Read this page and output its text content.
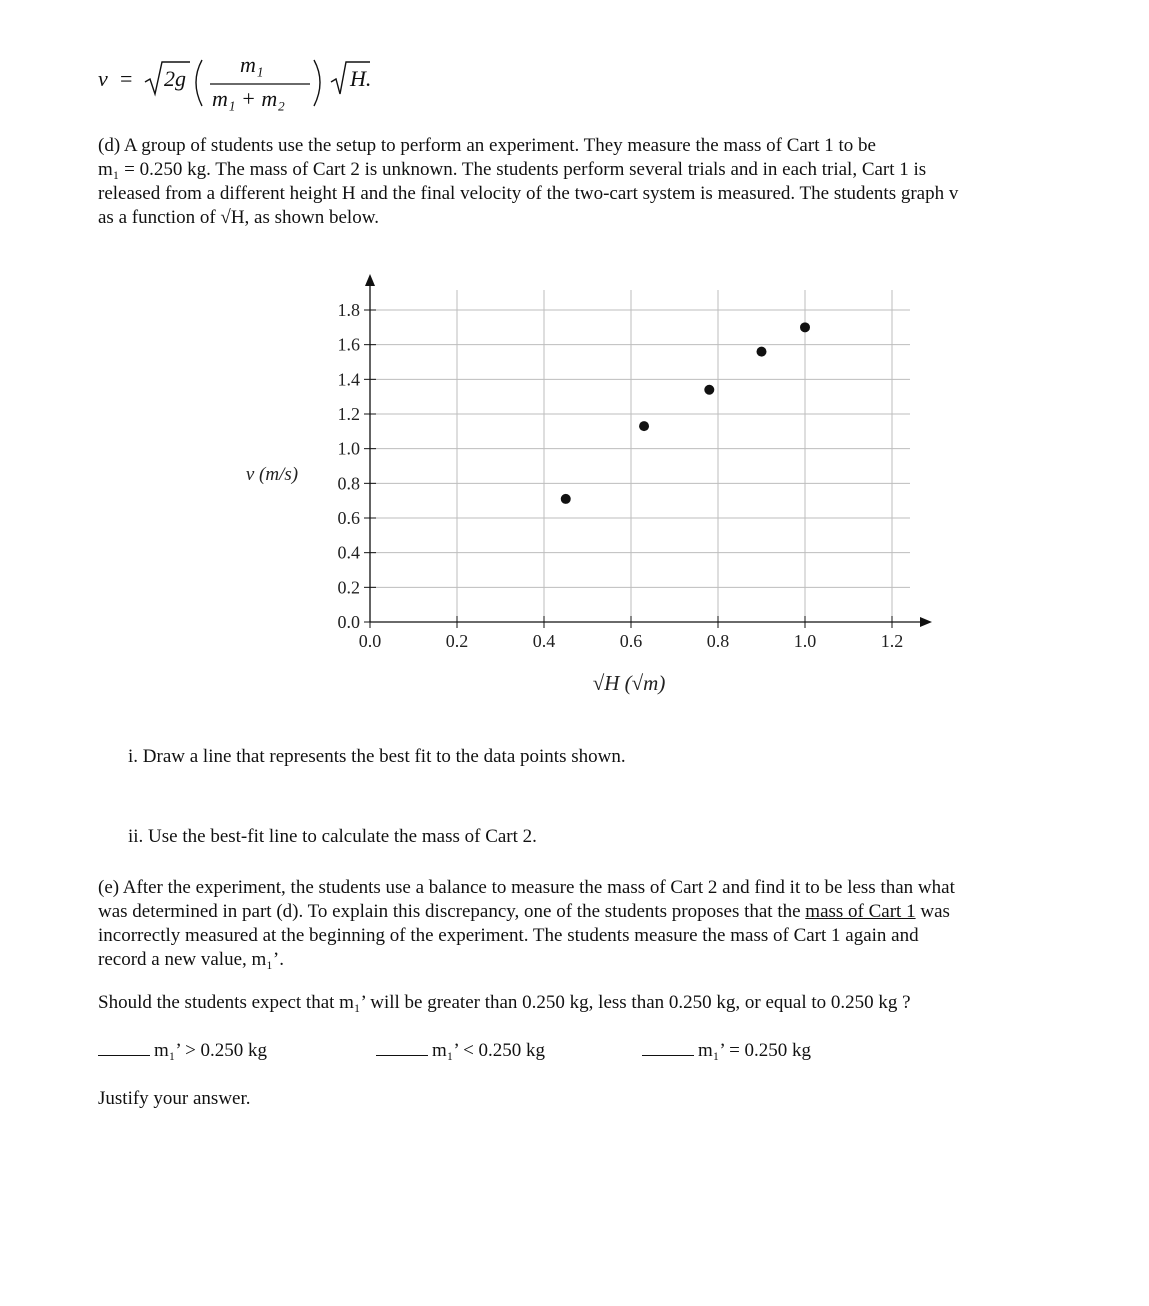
v = 2g
m₁
m₁ + m₂
H.

(d) A group of students use the setup to perform an experiment. They measure the mass of Cart 1 to be

m₁ = 0.250 kg. The mass of Cart 2 is unknown. The students perform several trials and in each trial, Cart 1 is

released from a different height H and the final velocity of the two-cart system is measured. The students graph v

as a function of √H, as shown below.

0.0
0.2
0.4
0.6
0.8
1.0
1.2
1.4
1.6
1.8
0.0	0.2	0.4	0.6	0.8	1.0	1.2
v (m/s)
√H (√m)
i. Draw a line that represents the best fit to the data points shown.
ii. Use the best-fit line to calculate the mass of Cart 2.

(e) After the experiment, the students use a balance to measure the mass of Cart 2 and find it to be less than what

was determined in part (d). To explain this discrepancy, one of the students proposes that the mass of Cart 1 was

incorrectly measured at the beginning of the experiment. The students measure the mass of Cart 1 again and

record a new value, m₁’.

Should the students expect that m₁’ will be greater than 0.250 kg, less than 0.250 kg, or equal to 0.250 kg ?
m₁’ > 0.250 kg	m₁’ < 0.250 kg	m₁’ = 0.250 kg
Justify your answer.
